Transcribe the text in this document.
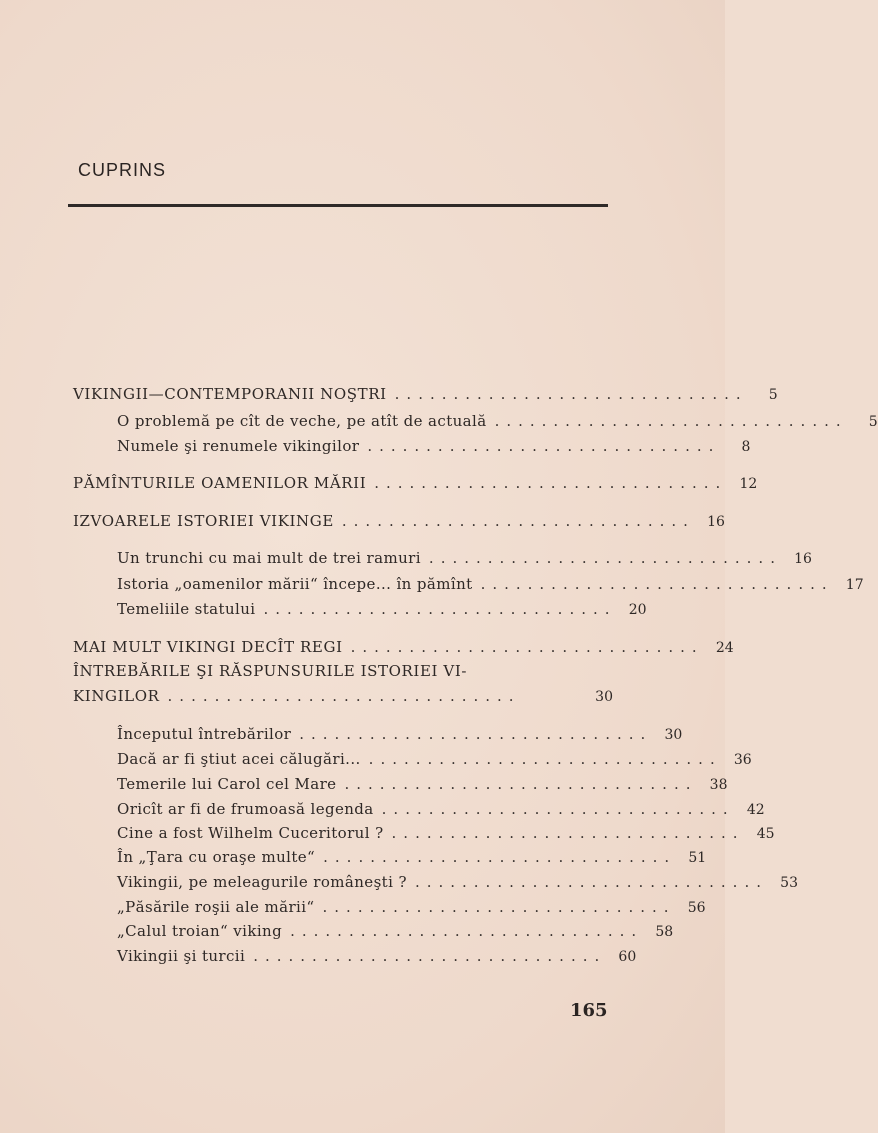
CUPRINS
VIKINGII—CONTEMPORANII NOŞTRI ..............................	5
O problemă pe cît de veche, pe atît de actuală ..............................	5
Numele şi renumele vikingilor ..............................	8
PĂMÎNTURILE OAMENILOR MĂRII .............................. 12
IZVOARELE ISTORIEI VIKINGE .............................. 16
Un trunchi cu mai mult de trei ramuri .............................. 16
Istoria „oamenilor mării“ începe... în pămînt .............................. 17
Temeliile statului .............................. 20
MAI MULT VIKINGI DECÎT REGI .............................. 24
ÎNTREBĂRILE ŞI RĂSPUNSURILE ISTORIEI VI-
KINGILOR ..............................	30
Începutul întrebărilor .............................. 30
Dacă ar fi ştiut acei călugări... .............................. 36
Temerile lui Carol cel Mare .............................. 38
Oricît ar fi de frumoasă legenda .............................. 42
Cine a fost Wilhelm Cuceritorul ? .............................. 45
În „Ţara cu oraşe multe“ .............................. 51
Vikingii, pe meleagurile româneşti ? .............................. 53
„Păsările roşii ale mării“ .............................. 56
„Calul troian“ viking .............................. 58
Vikingii şi turcii .............................. 60
165
